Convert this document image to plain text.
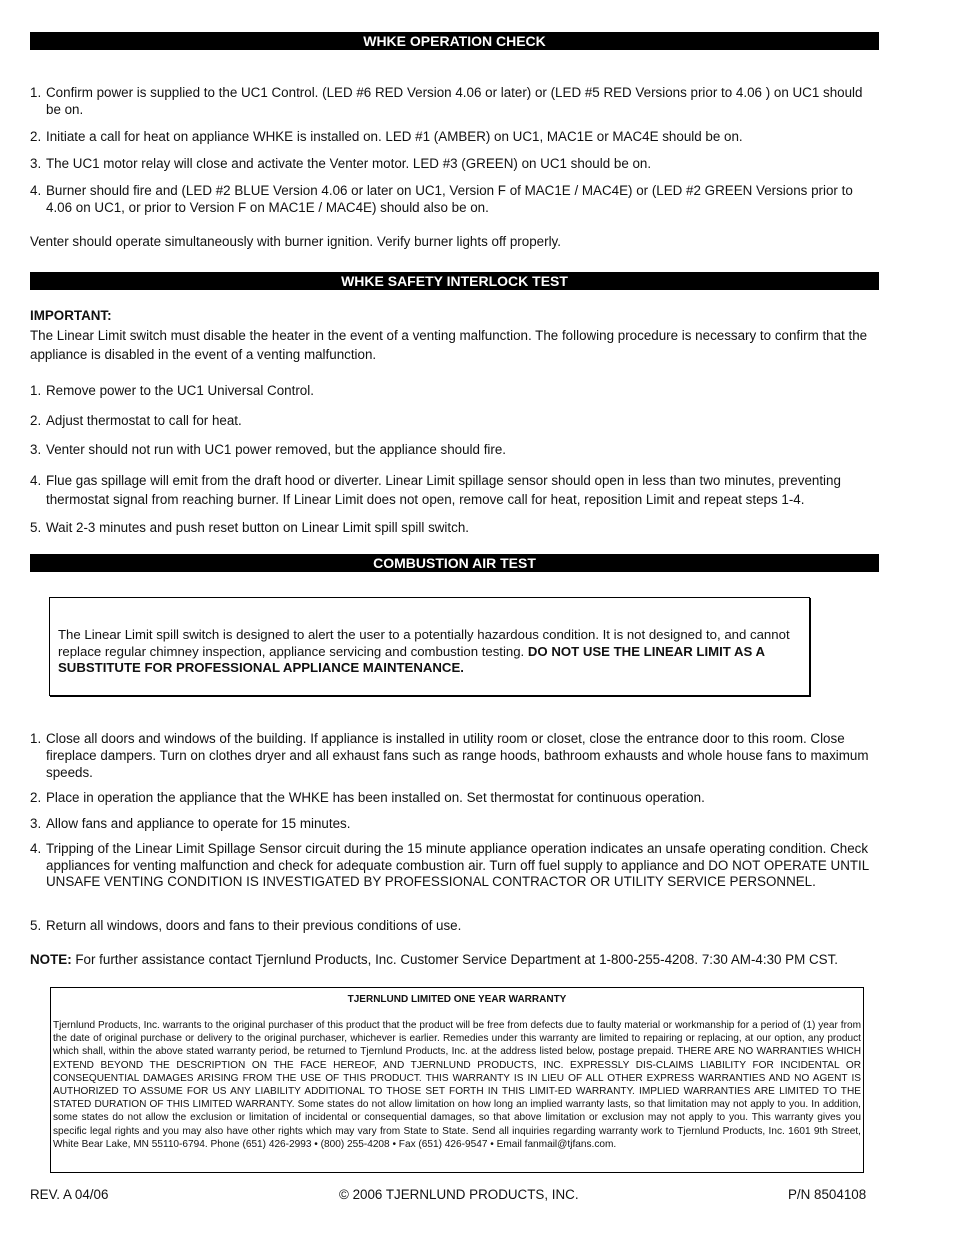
WHKE OPERATION CHECK
1. Confirm power is supplied to the UC1 Control. (LED #6 RED Version 4.06 or later) or (LED #5 RED Versions prior to 4.06 ) on UC1 should be on.
2. Initiate a call for heat on appliance WHKE is installed on. LED #1 (AMBER) on UC1, MAC1E or MAC4E should be on.
3. The UC1 motor relay will close and activate the Venter motor. LED #3 (GREEN) on UC1 should be on.
4. Burner should fire and (LED #2 BLUE Version 4.06 or later on UC1, Version F of MAC1E / MAC4E) or (LED #2 GREEN Versions prior to 4.06 on UC1, or prior to Version F on MAC1E / MAC4E) should also be on.
Venter should operate simultaneously with burner ignition. Verify burner lights off properly.
WHKE SAFETY INTERLOCK TEST
IMPORTANT:
The Linear Limit switch must disable the heater in the event of a venting malfunction. The following procedure is necessary to confirm that the appliance is disabled in the event of a venting malfunction.
1. Remove power to the UC1 Universal Control.
2. Adjust thermostat to call for heat.
3. Venter should not run with UC1 power removed, but the appliance should fire.
4. Flue gas spillage will emit from the draft hood or diverter. Linear Limit spillage sensor should open in less than two minutes, preventing thermostat signal from reaching burner. If Linear Limit does not open, remove call for heat, reposition Limit and repeat steps 1-4.
5. Wait 2-3 minutes and push reset button on Linear Limit spill spill switch.
COMBUSTION AIR TEST
The Linear Limit spill switch is designed to alert the user to a potentially hazardous condition. It is not designed to, and cannot replace regular chimney inspection, appliance servicing and combustion testing. DO NOT USE THE LINEAR LIMIT AS A SUBSTITUTE FOR PROFESSIONAL APPLIANCE MAINTENANCE.
1. Close all doors and windows of the building. If appliance is installed in utility room or closet, close the entrance door to this room. Close fireplace dampers. Turn on clothes dryer and all exhaust fans such as range hoods, bathroom exhausts and whole house fans to maximum speeds.
2. Place in operation the appliance that the WHKE has been installed on. Set thermostat for continuous operation.
3. Allow fans and appliance to operate for 15 minutes.
4. Tripping of the Linear Limit Spillage Sensor circuit during the 15 minute appliance operation indicates an unsafe operating condition. Check appliances for venting malfunction and check for adequate combustion air. Turn off fuel supply to appliance and DO NOT OPERATE UNTIL UNSAFE VENTING CONDITION IS INVESTIGATED BY PROFESSIONAL CONTRACTOR OR UTILITY SERVICE PERSONNEL.
5. Return all windows, doors and fans to their previous conditions of use.
NOTE: For further assistance contact Tjernlund Products, Inc. Customer Service Department at 1-800-255-4208. 7:30 AM-4:30 PM CST.
TJERNLUND LIMITED ONE YEAR WARRANTY
Tjernlund Products, Inc. warrants to the original purchaser of this product that the product will be free from defects due to faulty material or workmanship for a period of (1) year from the date of original purchase or delivery to the original purchaser, whichever is earlier. Remedies under this warranty are limited to repairing or replacing, at our option, any product which shall, within the above stated warranty period, be returned to Tjernlund Products, Inc. at the address listed below, postage prepaid. THERE ARE NO WARRANTIES WHICH EXTEND BEYOND THE DESCRIPTION ON THE FACE HEREOF, AND TJERNLUND PRODUCTS, INC. EXPRESSLY DIS-CLAIMS LIABILITY FOR INCIDENTAL OR CONSEQUENTIAL DAMAGES ARISING FROM THE USE OF THIS PRODUCT. THIS WARRANTY IS IN LIEU OF ALL OTHER EXPRESS WARRANTIES AND NO AGENT IS AUTHORIZED TO ASSUME FOR US ANY LIABILITY ADDITIONAL TO THOSE SET FORTH IN THIS LIMIT-ED WARRANTY. IMPLIED WARRANTIES ARE LIMITED TO THE STATED DURATION OF THIS LIMITED WARRANTY. Some states do not allow limitation on how long an implied warranty lasts, so that limitation may not apply to you. In addition, some states do not allow the exclusion or limitation of incidental or consequential damages, so that above limitation or exclusion may not apply to you. This warranty gives you specific legal rights and you may also have other rights which may vary from State to State. Send all inquiries regarding warranty work to Tjernlund Products, Inc. 1601 9th Street, White Bear Lake, MN 55110-6794. Phone (651) 426-2993 • (800) 255-4208 • Fax (651) 426-9547 • Email fanmail@tjfans.com.
REV. A 04/06	© 2006 TJERNLUND PRODUCTS, INC.	P/N 8504108
